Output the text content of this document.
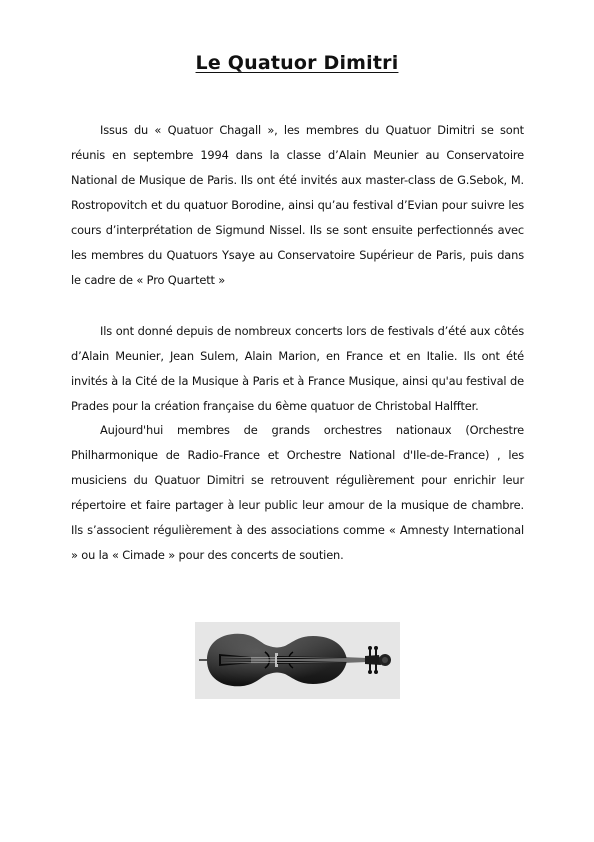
Le Quatuor Dimitri

Issus du « Quatuor Chagall », les membres du Quatuor Dimitri se sont réunis en septembre 1994 dans la classe d’Alain Meunier au Conservatoire National de Musique de Paris. Ils ont été invités aux master-class de G.Sebok, M. Rostropovitch et du quatuor Borodine, ainsi qu’au festival d’Evian pour suivre les cours d’interprétation de Sigmund Nissel. Ils se sont ensuite perfectionnés avec les membres du Quatuors Ysaye au Conservatoire Supérieur de Paris, puis dans le cadre de « Pro Quartett »

Ils ont donné depuis de nombreux concerts lors de festivals d’été aux côtés d’Alain Meunier, Jean Sulem, Alain Marion, en France et en Italie. Ils ont été invités à la Cité de la Musique à Paris et à France Musique, ainsi qu'au festival de Prades pour la création française du 6ème quatuor de Christobal Halffter.

Aujourd'hui membres de grands orchestres nationaux (Orchestre Philharmonique de Radio-France et Orchestre National d'Ile-de-France) , les musiciens du Quatuor Dimitri se retrouvent régulièrement pour enrichir leur répertoire et faire partager à leur public leur amour de la musique de chambre. Ils s’associent régulièrement à des associations comme « Amnesty International » ou la « Cimade » pour des concerts de soutien.
